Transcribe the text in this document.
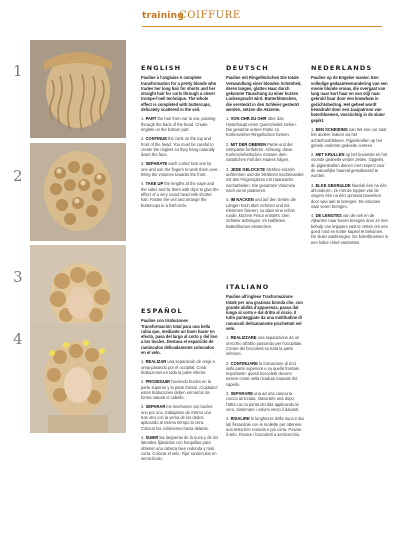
training
COIFFURE
1
2
3
4
ENGLISH
Pauline à l'anglaise A complete transformation for a pretty blonde who trades her long hair for shorts and her straight hair for curls through a clever trompe-l'oeil technique. The whole effect is completed with buttercups, delicately scattered in the veil.
1. PART the hair from ear to ear, passing through the back of the head. Create ringlets on the bottom part.
2. CONTINUE the curls on the top and front of the head. You must be careful to create the ringlets so they hang naturally down the face.
3. SEPARATE each curled lock one by one and use the fingers to work them over. Bring the volumes towards the front.
4. TAKE UP the lengths at the nape and the sides and fix them with clips to give the effect of a very round head with shorter hair. Fasten the veil and arrange the buttercups in a half-circle.
ESPAÑOL
Pauline con tirabuzones Transformación total para una bella rubia que, mediante un buen hacer en efecto, pasa del largo al corto y del liso a los bucles. Destaca el esparcido de ranúnculos delicadamente colocados en el velo.
1. REALIZAR una separación de oreja a oreja pasando por el occipital. Crear tirabuzones en toda la parte inferior.
2. PROSEGUIR haciendo bucles en la parte superior y la parte frontal. ¡Cuidado!: estos tirabuzones deben enmarcar de forma natural el cabello.
3. SEPARAR los mechones con bucles uno por uno, trabajarlos de mismo uno tras otro con la yema de los dedos aplicando al mismo tiempo la cera. Colocar los volúmenes hacia delante.
4. SUBIR las largueras de la nuca y de los laterales fijándolas con horquillas para obtener una cabeza bien redonda y más corta. Colocar el velo. Fijar ranúnculos en semicírculo.
DEUTSCH
Pauline mit Ringellöckchen Die totale Verwandlung einer blonden Schönheit, deren langes, glattes Haar durch gekonnte Täuschung zu einer kurzen Lockenpracht wird. Butterblümchen, die versteckt in den Schleier gesteckt werden, setzen die Akzente.
1. VON OHR ZU OHR über das Hinterhaupt einen Querscheitel ziehen. Die gesamte untere Partie zu Korkenzieher-Ringellocken formen.
2. MIT DER OBEREN Partie und der Stirnpartie fortfahren. Achtung: diese Korkenzieherlocken müssen dem natürlichen Fall des Haares folgen.
3. JEDE GELOCKTE Strähne einzeln auftrennen und die Strähnen nacheinander mit den Fingerspitzen mit Haarwachs nacharbeiten. Die gesamten Volumina nach vorne platzieren.
4. IM NACKEN und auf den Seiten die Längen hoch über nehmen und mit Klemmen fixieren, so dass eine schön runde, kürzere Frisur entsteht. Den Schleier anbringen. Im Halbkreis Butterblumen einstecken.
ITALIANO
Pauline all'inglese Trasformazione totale per una graziosa bionda che, con grande abilità d'apparenza, passa dal lungo al corto e dal dritto al riccio. Il tutto punteggiato da una moltitudine di ranuncoli delicatamente picchettati nel velo.
1. REALIZZARE una separazione da un orecchio all'altro passando per l'occipitale. Creare dei boccoletti su tutta la parte inferiore.
2. CONTINUARE la formazione di ricci sulla parte superiore e su quella frontale. Importante: questi boccoletti devono essere creati nella ricaduta naturale del capello.
3. SEPARARE una ad una ciascuna ciocca arricciata, rilavorarle una dopo l'altra con la punta dei dita applicando la cera. Sistemare i volumi verso il davanti.
4. RISALIRE le lunghezze della nuca e dai lati fissandole con le mollette per ottenere una testa ben rotonda e più corta. Posare il velo. Fissare i boccoletti a semicerchio.
NEDERLANDS
Pauline op de Engelse manier. Een volledige gedaanteverandering van een mooie blonde vrouw, die overgaat van lang naar kort haar en van stijl naar gekruld haar door een knowhow in gezichtsbedrog. Het geheel wordt benadrukt door een zaaipatroon van boterbloemen, voorzichtig in de sluier gepikt.
1. EEN SCHEIDING van het ene oor naar het andere maken via het achterhoofdsbeen. Pijpenkrullen op het gehele onderste gedeelte creëren.
2. HET KRULLEN op het bovenste en het voorste gedeelte verder zetten. Opgelet, de pijpenkrullen dienen met respect voor de natuurlijke haarval gerealiseerd te worden.
3. ELKE GEKRULDE haarlok één na één afzonderen, ze met de toppen van de vingers één na één opnieuw bewerken door wax aan te brengen. De volumes naar voren brengen.
4. DE LENGTES van de nek en de zijkanten naar boven brengen door ze met behulp van knippers vast te zetten om een goed rond en korter kapsel te bekomen. De sluier aanbrengen. De boterbloemen in een halve cirkel vastzetten.
